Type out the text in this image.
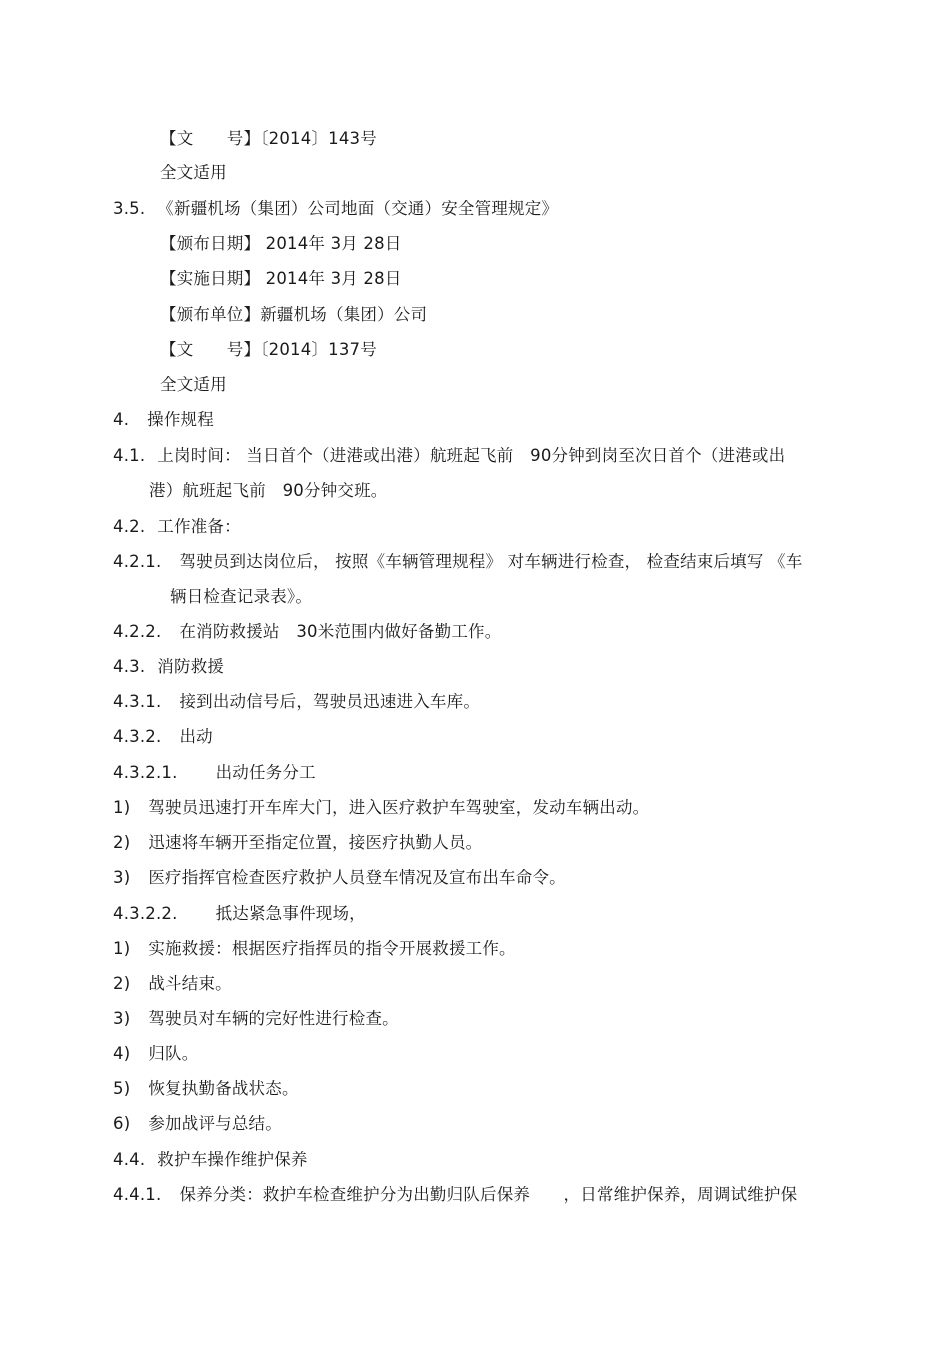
【文　　号】〔2014〕143号
全文适用
3.5. 《新疆机场（集团）公司地面（交通）安全管理规定》
【颁布日期】 2014年 3月 28日
【实施日期】 2014年 3月 28日
【颁布单位】新疆机场（集团）公司
【文　　号】〔2014〕137号
全文适用
4. 操作规程
4.1. 上岗时间： 当日首个（进港或出港）航班起飞前　90分钟到岗至次日首个（进港或出
港）航班起飞前　90分钟交班。
4.2. 工作准备：
4.2.1. 驾驶员到达岗位后， 按照《车辆管理规程》 对车辆进行检查， 检查结束后填写 《车
辆日检查记录表》。
4.2.2. 在消防救援站　30米范围内做好备勤工作。
4.3. 消防救援
4.3.1. 接到出动信号后，驾驶员迅速进入车库。
4.3.2. 出动
4.3.2.1. 出动任务分工
1) 驾驶员迅速打开车库大门，进入医疗救护车驾驶室，发动车辆出动。
2) 迅速将车辆开至指定位置，接医疗执勤人员。
3) 医疗指挥官检查医疗救护人员登车情况及宣布出车命令。
4.3.2.2. 抵达紧急事件现场，
1) 实施救援：根据医疗指挥员的指令开展救援工作。
2) 战斗结束。
3) 驾驶员对车辆的完好性进行检查。
4) 归队。
5) 恢复执勤备战状态。
6) 参加战评与总结。
4.4. 救护车操作维护保养
4.4.1. 保养分类：救护车检查维护分为出勤归队后保养　　，日常维护保养，周调试维护保
